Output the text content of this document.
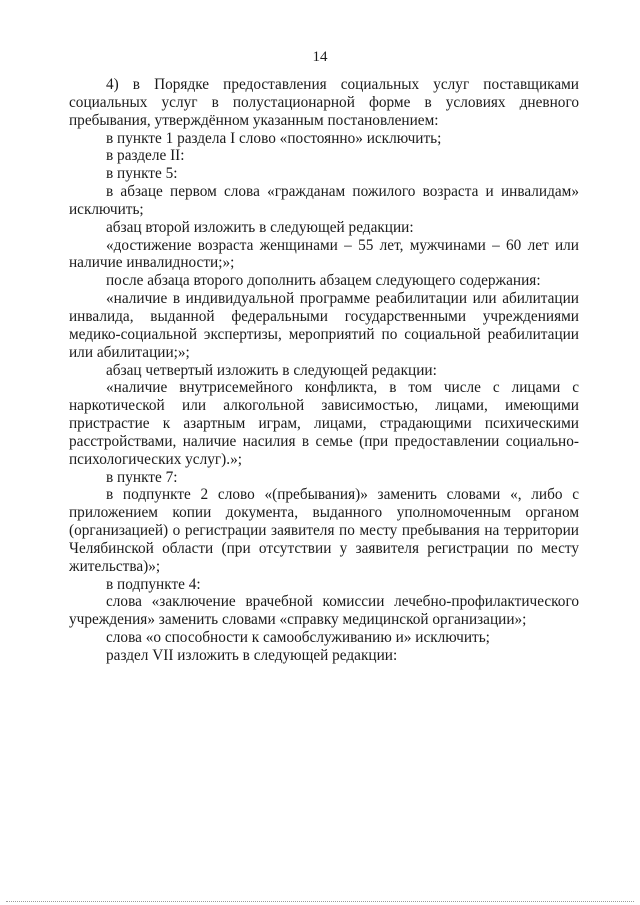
14

4) в Порядке предоставления социальных услуг поставщиками социальных услуг в полустационарной форме в условиях дневного пребывания, утверждённом указанным постановлением:

в пункте 1 раздела I слово «постоянно» исключить;

в разделе II:

в пункте 5:

в абзаце первом слова «гражданам пожилого возраста и инвалидам» исключить;

абзац второй изложить в следующей редакции:

«достижение возраста женщинами – 55 лет, мужчинами – 60 лет или наличие инвалидности;»;

после абзаца второго дополнить абзацем следующего содержания:

«наличие в индивидуальной программе реабилитации или абилитации инвалида, выданной федеральными государственными учреждениями медико-социальной экспертизы, мероприятий по социальной реабилитации или абилитации;»;

абзац четвертый изложить в следующей редакции:

«наличие внутрисемейного конфликта, в том числе с лицами с наркотической или алкогольной зависимостью, лицами, имеющими пристрастие к азартным играм, лицами, страдающими психическими расстройствами, наличие насилия в семье (при предоставлении социально-психологических услуг).»;

в пункте 7:

в подпункте 2 слово «(пребывания)» заменить словами «, либо с приложением копии документа, выданного уполномоченным органом (организацией) о регистрации заявителя по месту пребывания на территории Челябинской области (при отсутствии у заявителя регистрации по месту жительства)»;

в подпункте 4:

слова «заключение врачебной комиссии лечебно-профилактического учреждения» заменить словами «справку медицинской организации»;

слова «о способности к самообслуживанию и» исключить;

раздел VII изложить в следующей редакции:
